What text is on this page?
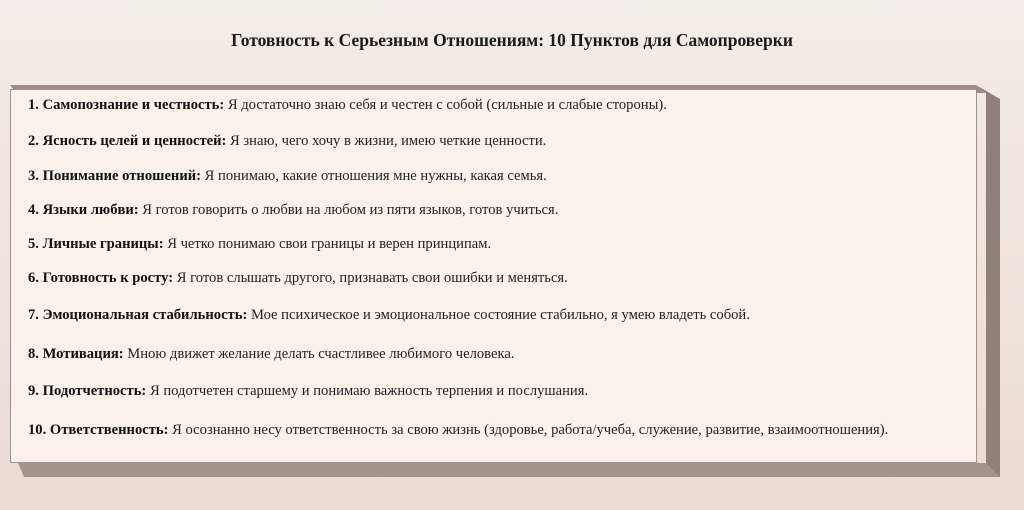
Готовность к Серьезным Отношениям: 10 Пунктов для Самопроверки
1. Самопознание и честность: Я достаточно знаю себя и честен с собой (сильные и слабые стороны).
2. Ясность целей и ценностей: Я знаю, чего хочу в жизни, имею четкие ценности.
3. Понимание отношений: Я понимаю, какие отношения мне нужны, какая семья.
4. Языки любви: Я готов говорить о любви на любом из пяти языков, готов учиться.
5. Личные границы: Я четко понимаю свои границы и верен принципам.
6. Готовность к росту: Я готов слышать другого, признавать свои ошибки и меняться.
7. Эмоциональная стабильность: Мое психическое и эмоциональное состояние стабильно, я умею владеть собой.
8. Мотивация: Мною движет желание делать счастливее любимого человека.
9. Подотчетность: Я подотчетен старшему и понимаю важность терпения и послушания.
10. Ответственность: Я осознанно несу ответственность за свою жизнь (здоровье, работа/учеба, служение, развитие, взаимоотношения).
